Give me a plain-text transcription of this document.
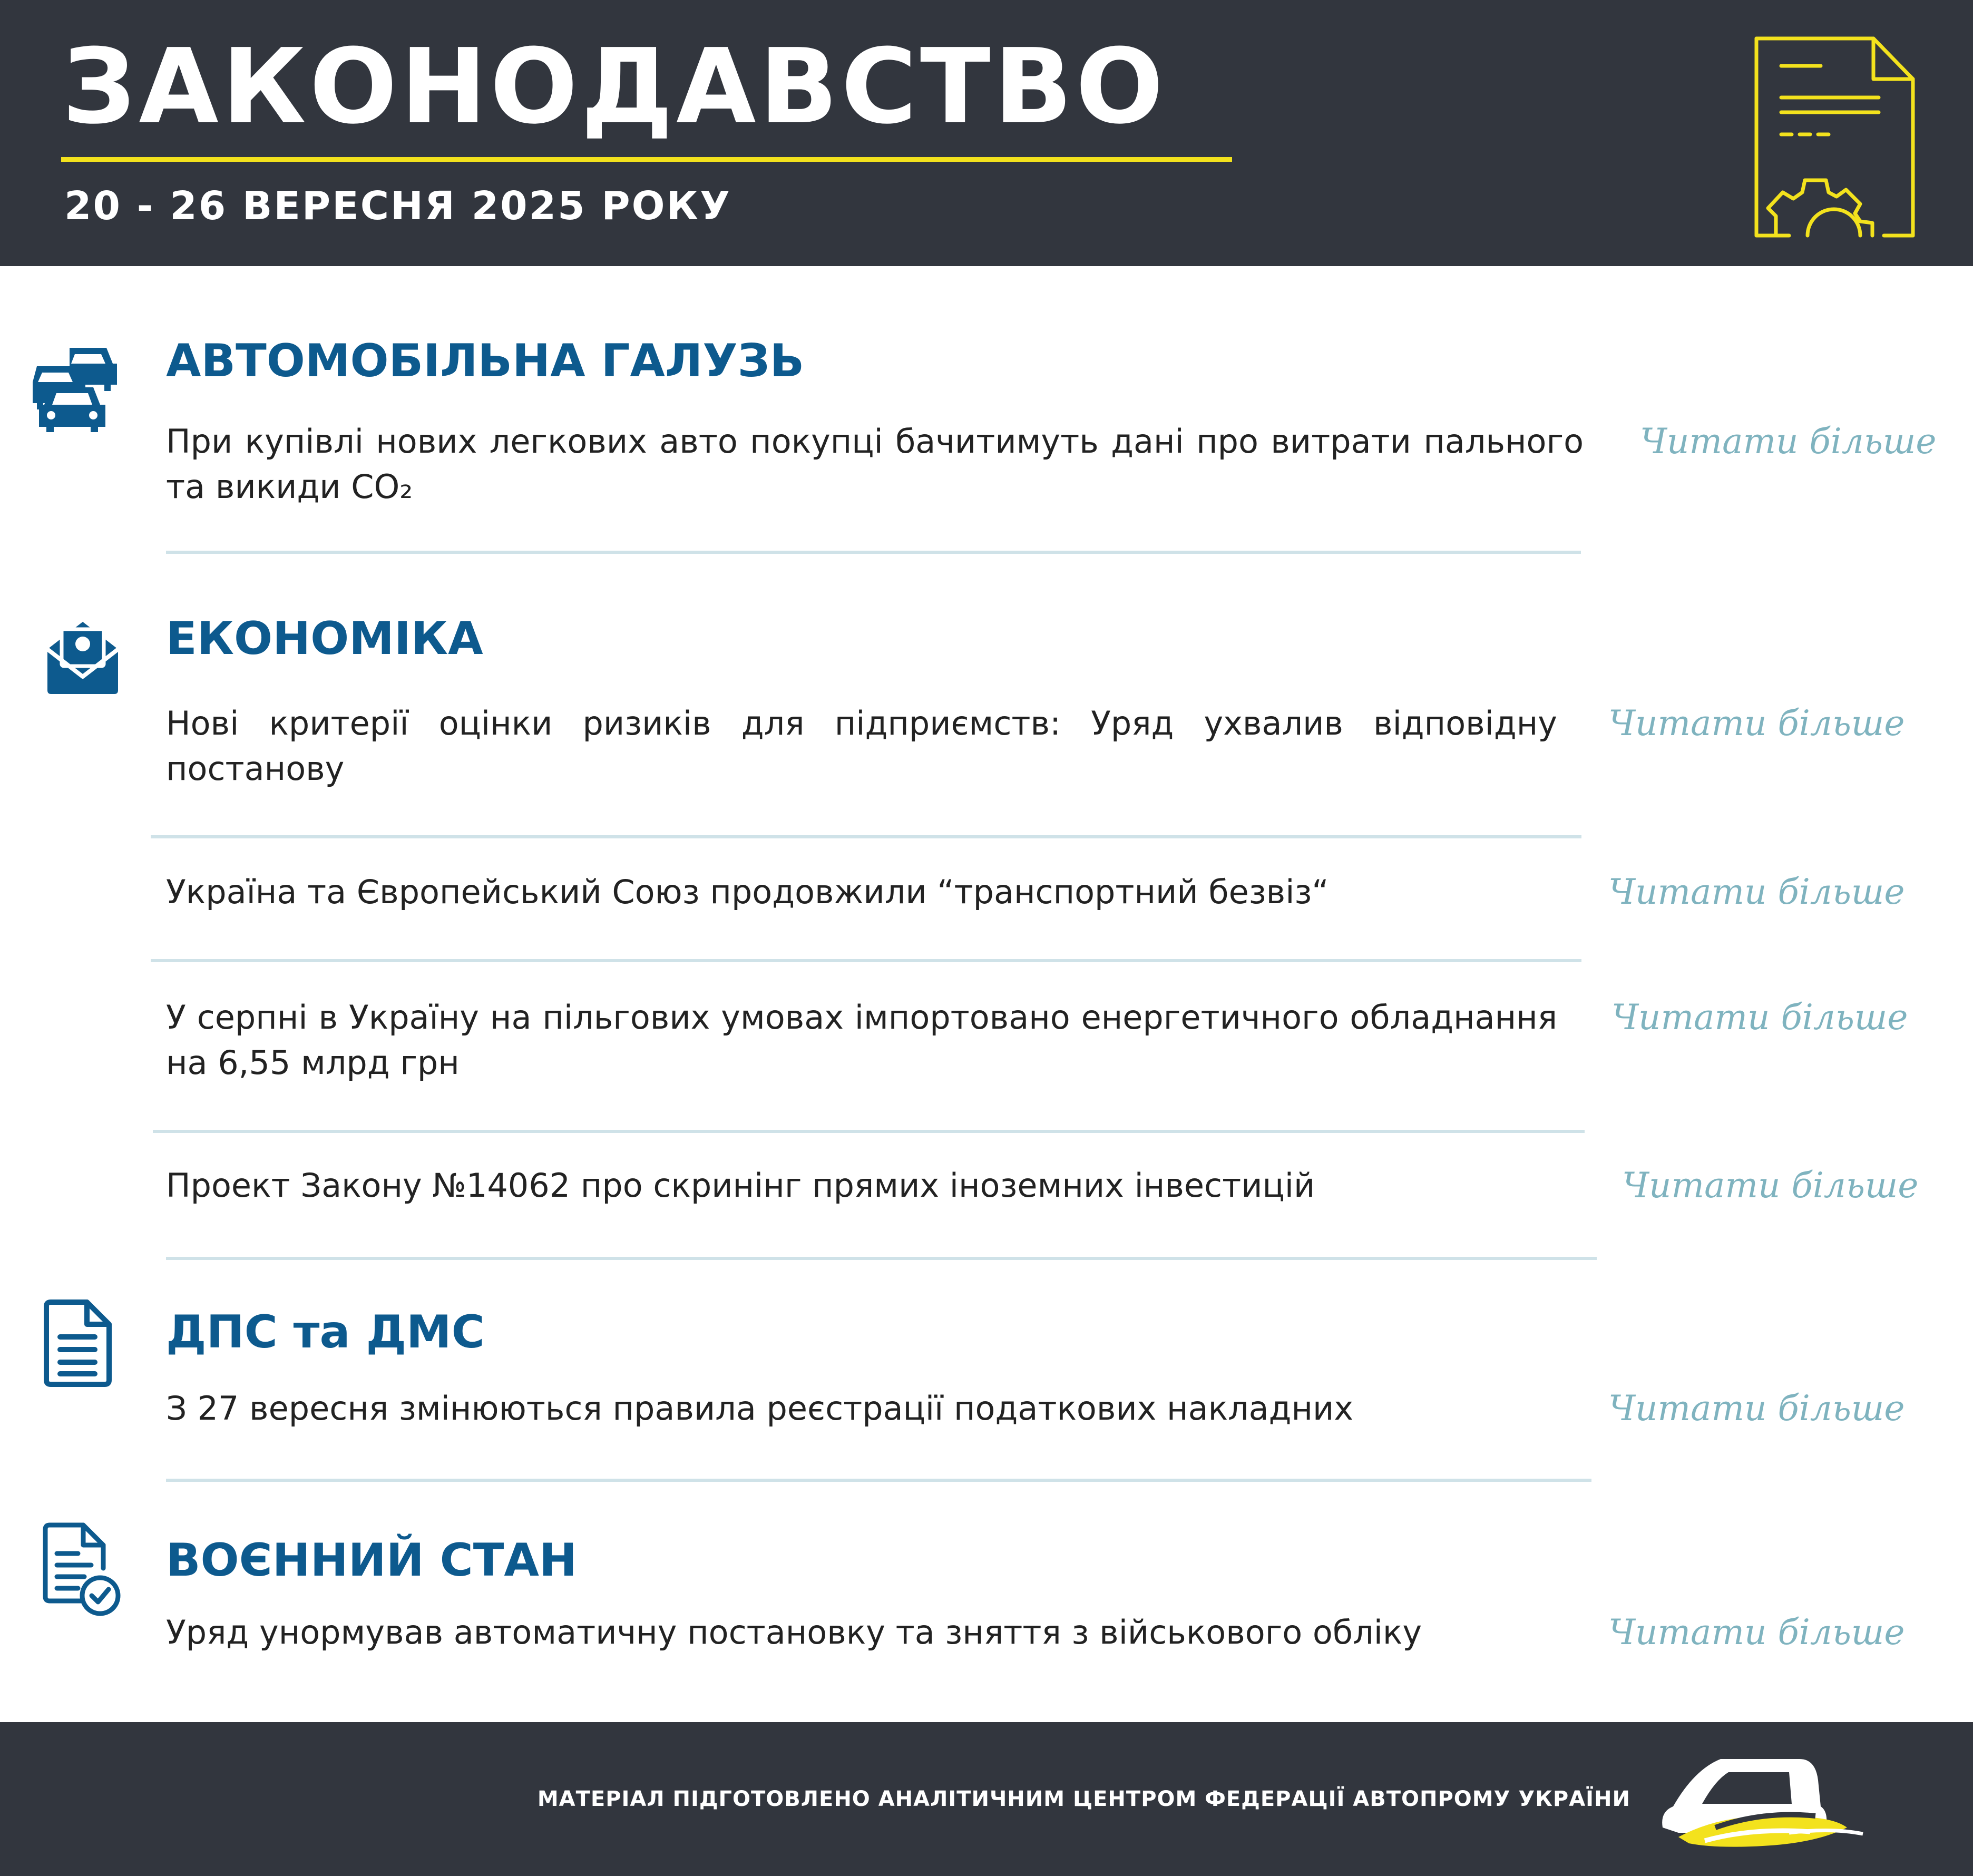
ЗАКОНОДАВСТВО
20 - 26 ВЕРЕСНЯ 2025 РОКУ
АВТОМОБІЛЬНА ГАЛУЗЬ
При купівлі нових легкових авто покупці бачитимуть дані про витрати пального та викиди СО₂
Читати більше
ЕКОНОМІКА
Нові критерії оцінки ризиків для підприємств: Уряд ухвалив відповідну постанову
Читати більше
Україна та Європейський Союз продовжили “транспортний безвіз“	Читати більше
У серпні в Україну на пільгових умовах імпортовано енергетичного обладнання на 6,55 млрд грн
Читати більше
Проект Закону №14062 про скринінг прямих іноземних інвестицій	Читати більше
ДПС та ДМС
З 27 вересня змінюються правила реєстрації податкових накладних	Читати більше
ВОЄННИЙ СТАН
Уряд унормував автоматичну постановку та зняття з військового обліку	Читати більше
МАТЕРІАЛ ПІДГОТОВЛЕНО АНАЛІТИЧНИМ ЦЕНТРОМ ФЕДЕРАЦІЇ АВТОПРОМУ УКРАЇНИ
